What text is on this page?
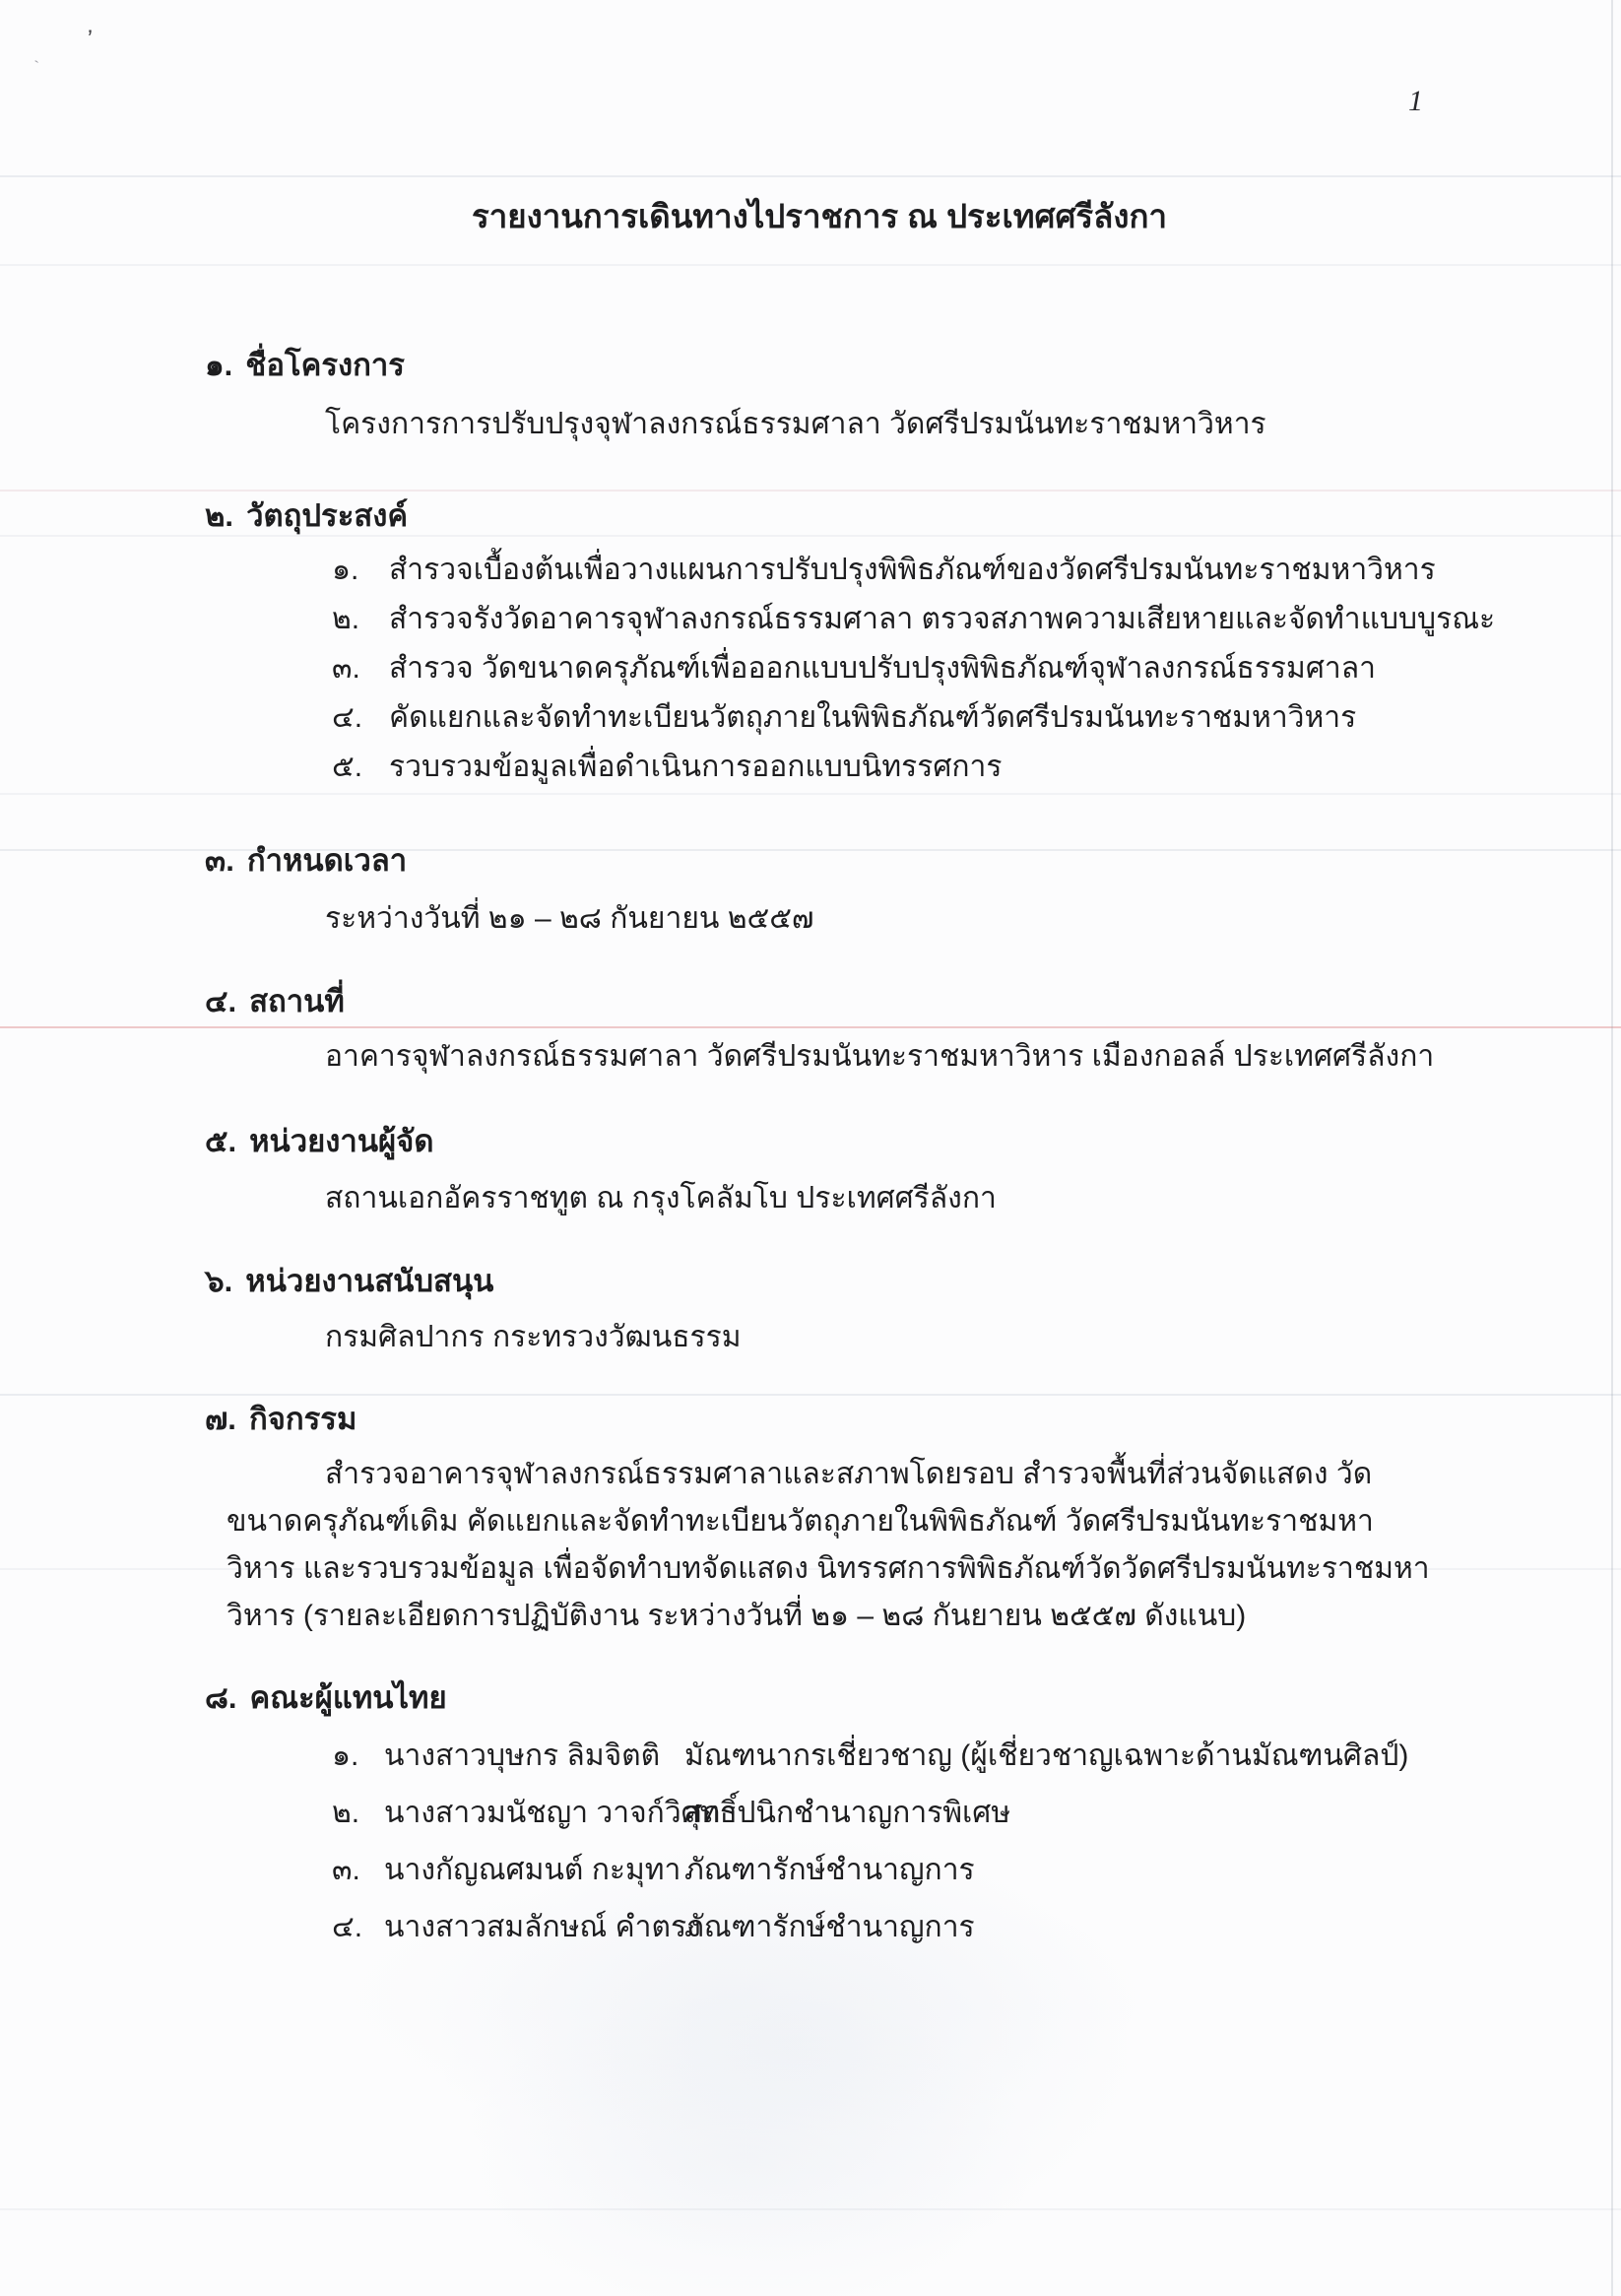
’
`
1
รายงานการเดินทางไปราชการ ณ ประเทศศรีลังกา
๑. ชื่อโครงการ
โครงการการปรับปรุงจุฬาลงกรณ์ธรรมศาลา วัดศรีปรมนันทะราชมหาวิหาร
๒. วัตถุประสงค์
๑.	สำรวจเบื้องต้นเพื่อวางแผนการปรับปรุงพิพิธภัณฑ์ของวัดศรีปรมนันทะราชมหาวิหาร
๒. สำรวจรังวัดอาคารจุฬาลงกรณ์ธรรมศาลา ตรวจสภาพความเสียหายและจัดทำแบบบูรณะ
๓. สำรวจ วัดขนาดครุภัณฑ์เพื่อออกแบบปรับปรุงพิพิธภัณฑ์จุฬาลงกรณ์ธรรมศาลา
๔. คัดแยกและจัดทำทะเบียนวัตถุภายในพิพิธภัณฑ์วัดศรีปรมนันทะราชมหาวิหาร
๕. รวบรวมข้อมูลเพื่อดำเนินการออกแบบนิทรรศการ
๓. กำหนดเวลา
ระหว่างวันที่ ๒๑ – ๒๘ กันยายน ๒๕๕๗
๔. สถานที่
อาคารจุฬาลงกรณ์ธรรมศาลา วัดศรีปรมนันทะราชมหาวิหาร เมืองกอลล์ ประเทศศรีลังกา
๕. หน่วยงานผู้จัด
สถานเอกอัครราชทูต ณ กรุงโคลัมโบ ประเทศศรีลังกา
๖. หน่วยงานสนับสนุน
กรมศิลปากร กระทรวงวัฒนธรรม
๗. กิจกรรม
สำรวจอาคารจุฬาลงกรณ์ธรรมศาลาและสภาพโดยรอบ สำรวจพื้นที่ส่วนจัดแสดง วัดขนาดครุภัณฑ์เดิม คัดแยกและจัดทำทะเบียนวัตถุภายในพิพิธภัณฑ์ วัดศรีปรมนันทะราชมหาวิหาร และรวบรวมข้อมูล เพื่อจัดทำบทจัดแสดง นิทรรศการพิพิธภัณฑ์วัดวัดศรีปรมนันทะราชมหาวิหาร (รายละเอียดการปฏิบัติงาน ระหว่างวันที่ ๒๑ – ๒๘ กันยายน ๒๕๕๗ ดังแนบ)
๘. คณะผู้แทนไทย
๑. นางสาวบุษกร ลิมจิตติ มัณฑนากรเชี่ยวชาญ (ผู้เชี่ยวชาญเฉพาะด้านมัณฑนศิลป์)
๒. นางสาวมนัชญา วาจก์วิศุทธิ์
สถาปนิกชำนาญการพิเศษ
๓. นางกัญณศมนต์ กะมุทา ภัณฑารักษ์ชำนาญการ
๔. นางสาวสมลักษณ์ คำตรง
ภัณฑารักษ์ชำนาญการ
